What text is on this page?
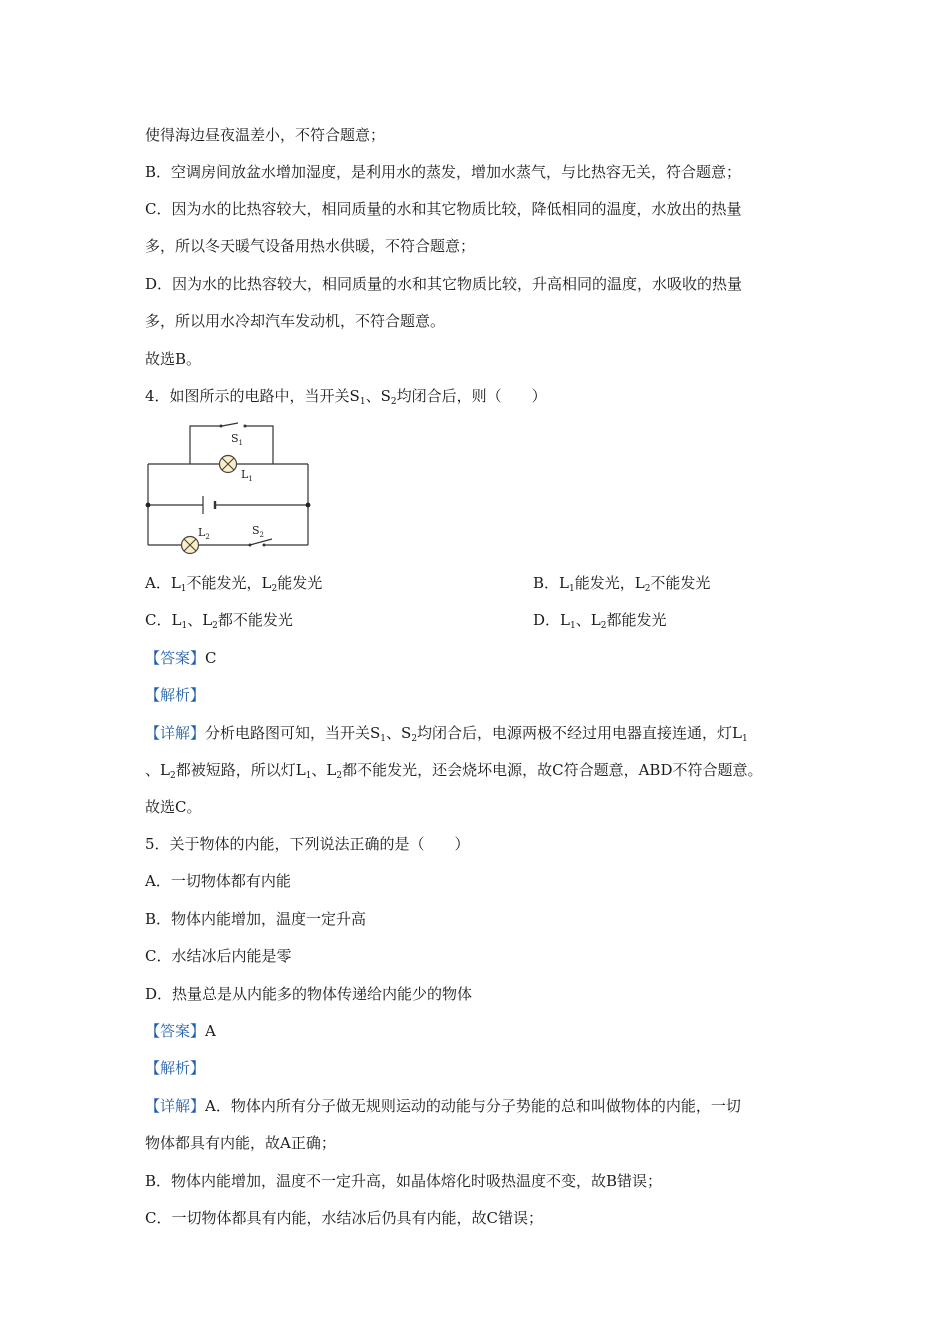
使得海边昼夜温差小，不符合题意；
B．空调房间放盆水增加湿度，是利用水的蒸发，增加水蒸气，与比热容无关，符合题意；
C．因为水的比热容较大，相同质量的水和其它物质比较，降低相同的温度，水放出的热量
多，所以冬天暖气设备用热水供暖，不符合题意；
D．因为水的比热容较大，相同质量的水和其它物质比较，升高相同的温度，水吸收的热量
多，所以用水冷却汽车发动机，不符合题意。
故选B。
4．如图所示的电路中，当开关$S_1$、$S_2$均闭合后，则（　　）
$S_1$
$L_1$
$L_2$	$S_2$
A．$L_1$不能发光，$L_2$能发光	B．$L_1$能发光，$L_2$不能发光
C．$L_1$、$L_2$都不能发光	D．$L_1$、$L_2$都能发光
【答案】C
【解析】
【详解】分析电路图可知，当开关$S_1$、$S_2$均闭合后，电源两极不经过用电器直接连通，灯$L_1$
、$L_2$都被短路，所以灯$L_1$、$L_2$都不能发光，还会烧坏电源，故C符合题意，ABD不符合题意。
故选C。
5．关于物体的内能，下列说法正确的是（　　）
A．一切物体都有内能
B．物体内能增加，温度一定升高
C．水结冰后内能是零
D．热量总是从内能多的物体传递给内能少的物体
【答案】A
【解析】
【详解】A．物体内所有分子做无规则运动的动能与分子势能的总和叫做物体的内能，一切
物体都具有内能，故A正确；
B．物体内能增加，温度不一定升高，如晶体熔化时吸热温度不变，故B错误；
C．一切物体都具有内能，水结冰后仍具有内能，故C错误；
